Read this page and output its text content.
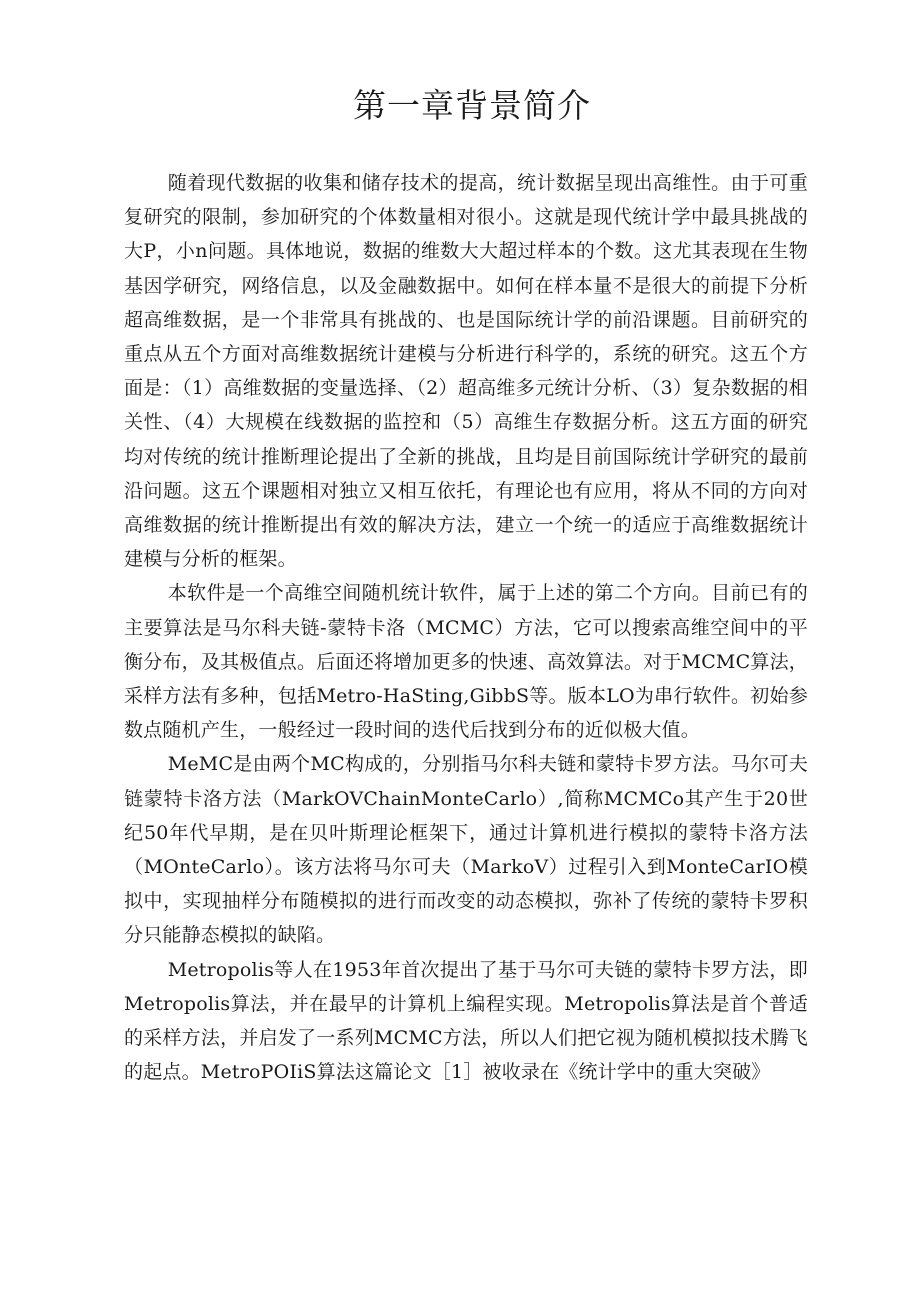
第一章背景简介

随着现代数据的收集和储存技术的提高，统计数据呈现出高维性。由于可重复研究的限制，参加研究的个体数量相对很小。这就是现代统计学中最具挑战的大P，小n问题。具体地说，数据的维数大大超过样本的个数。这尤其表现在生物基因学研究，网络信息，以及金融数据中。如何在样本量不是很大的前提下分析超高维数据，是一个非常具有挑战的、也是国际统计学的前沿课题。目前研究的重点从五个方面对高维数据统计建模与分析进行科学的，系统的研究。这五个方面是：（1）高维数据的变量选择、（2）超高维多元统计分析、（3）复杂数据的相关性、（4）大规模在线数据的监控和（5）高维生存数据分析。这五方面的研究均对传统的统计推断理论提出了全新的挑战，且均是目前国际统计学研究的最前沿问题。这五个课题相对独立又相互依托，有理论也有应用，将从不同的方向对高维数据的统计推断提出有效的解决方法，建立一个统一的适应于高维数据统计建模与分析的框架。

本软件是一个高维空间随机统计软件，属于上述的第二个方向。目前已有的主要算法是马尔科夫链-蒙特卡洛（MCMC）方法，它可以搜索高维空间中的平衡分布，及其极值点。后面还将增加更多的快速、高效算法。对于MCMC算法，采样方法有多种，包括Metro-HaSting,GibbS等。版本LO为串行软件。初始参数点随机产生，一般经过一段时间的迭代后找到分布的近似极大值。

MeMC是由两个MC构成的，分别指马尔科夫链和蒙特卡罗方法。马尔可夫链蒙特卡洛方法（MarkOVChainMonteCarlo）,简称MCMCo其产生于20世纪50年代早期，是在贝叶斯理论框架下，通过计算机进行模拟的蒙特卡洛方法（MOnteCarlo）。该方法将马尔可夫（MarkoV）过程引入到MonteCarIO模拟中，实现抽样分布随模拟的进行而改变的动态模拟，弥补了传统的蒙特卡罗积分只能静态模拟的缺陷。

Metropolis等人在1953年首次提出了基于马尔可夫链的蒙特卡罗方法，即Metropolis算法，并在最早的计算机上编程实现。Metropolis算法是首个普适的采样方法，并启发了一系列MCMC方法，所以人们把它视为随机模拟技术腾飞的起点。MetroPOIiS算法这篇论文［1］被收录在《统计学中的重大突破》
